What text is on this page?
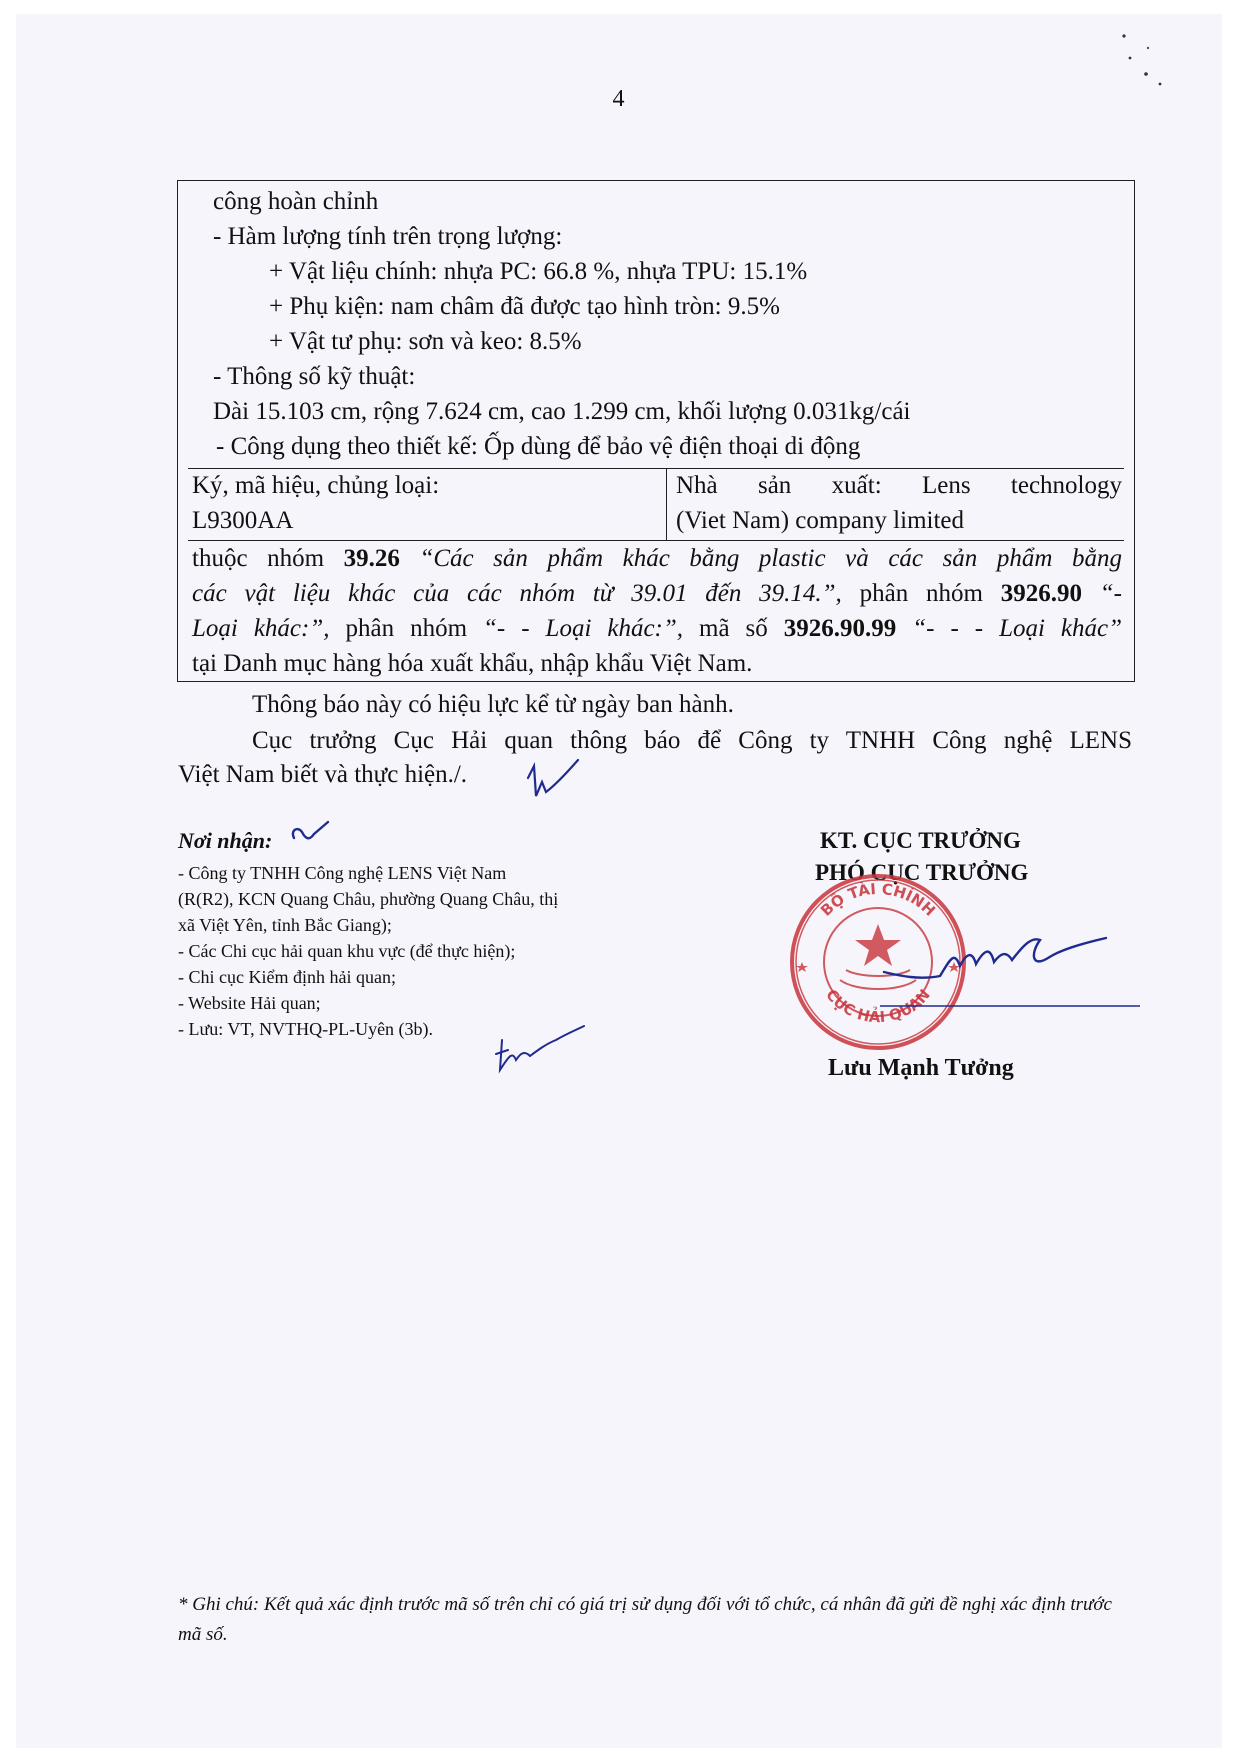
4
công hoàn chỉnh
- Hàm lượng tính trên trọng lượng:
+ Vật liệu chính: nhựa PC: 66.8 %, nhựa TPU: 15.1%
+ Phụ kiện: nam châm đã được tạo hình tròn: 9.5%
+ Vật tư phụ: sơn và keo: 8.5%
- Thông số kỹ thuật:
Dài 15.103 cm, rộng 7.624 cm, cao 1.299 cm, khối lượng 0.031kg/cái
- Công dụng theo thiết kế: Ốp dùng để bảo vệ điện thoại di động
Ký, mã hiệu, chủng loại:
L9300AA
Nhà sản xuất: Lens technology
(Viet Nam) company limited
thuộc nhóm 39.26 “Các sản phẩm khác bằng plastic và các sản phẩm bằng
các vật liệu khác của các nhóm từ 39.01 đến 39.14.”, phân nhóm 3926.90 “-
Loại khác:”, phân nhóm “- - Loại khác:”, mã số 3926.90.99 “- - - Loại khác”
tại Danh mục hàng hóa xuất khẩu, nhập khẩu Việt Nam.
Thông báo này có hiệu lực kể từ ngày ban hành.
Cục trưởng Cục Hải quan thông báo để Công ty TNHH Công nghệ LENS
Việt Nam biết và thực hiện./.
Nơi nhận:
- Công ty TNHH Công nghệ LENS Việt Nam
(R(R2), KCN Quang Châu, phường Quang Châu, thị
xã Việt Yên, tỉnh Bắc Giang);
- Các Chi cục hải quan khu vực (để thực hiện);
- Chi cục Kiểm định hải quan;
- Website Hải quan;
- Lưu: VT, NVTHQ-PL-Uyên (3b).
KT. CỤC TRƯỞNG
PHÓ CỤC TRƯỞNG
BỘ TÀI CHÍNH
CỤC HẢI QUAN
Lưu Mạnh Tưởng
* Ghi chú: Kết quả xác định trước mã số trên chỉ có giá trị sử dụng đối với tổ chức, cá nhân đã gửi đề nghị xác định trước mã số.
